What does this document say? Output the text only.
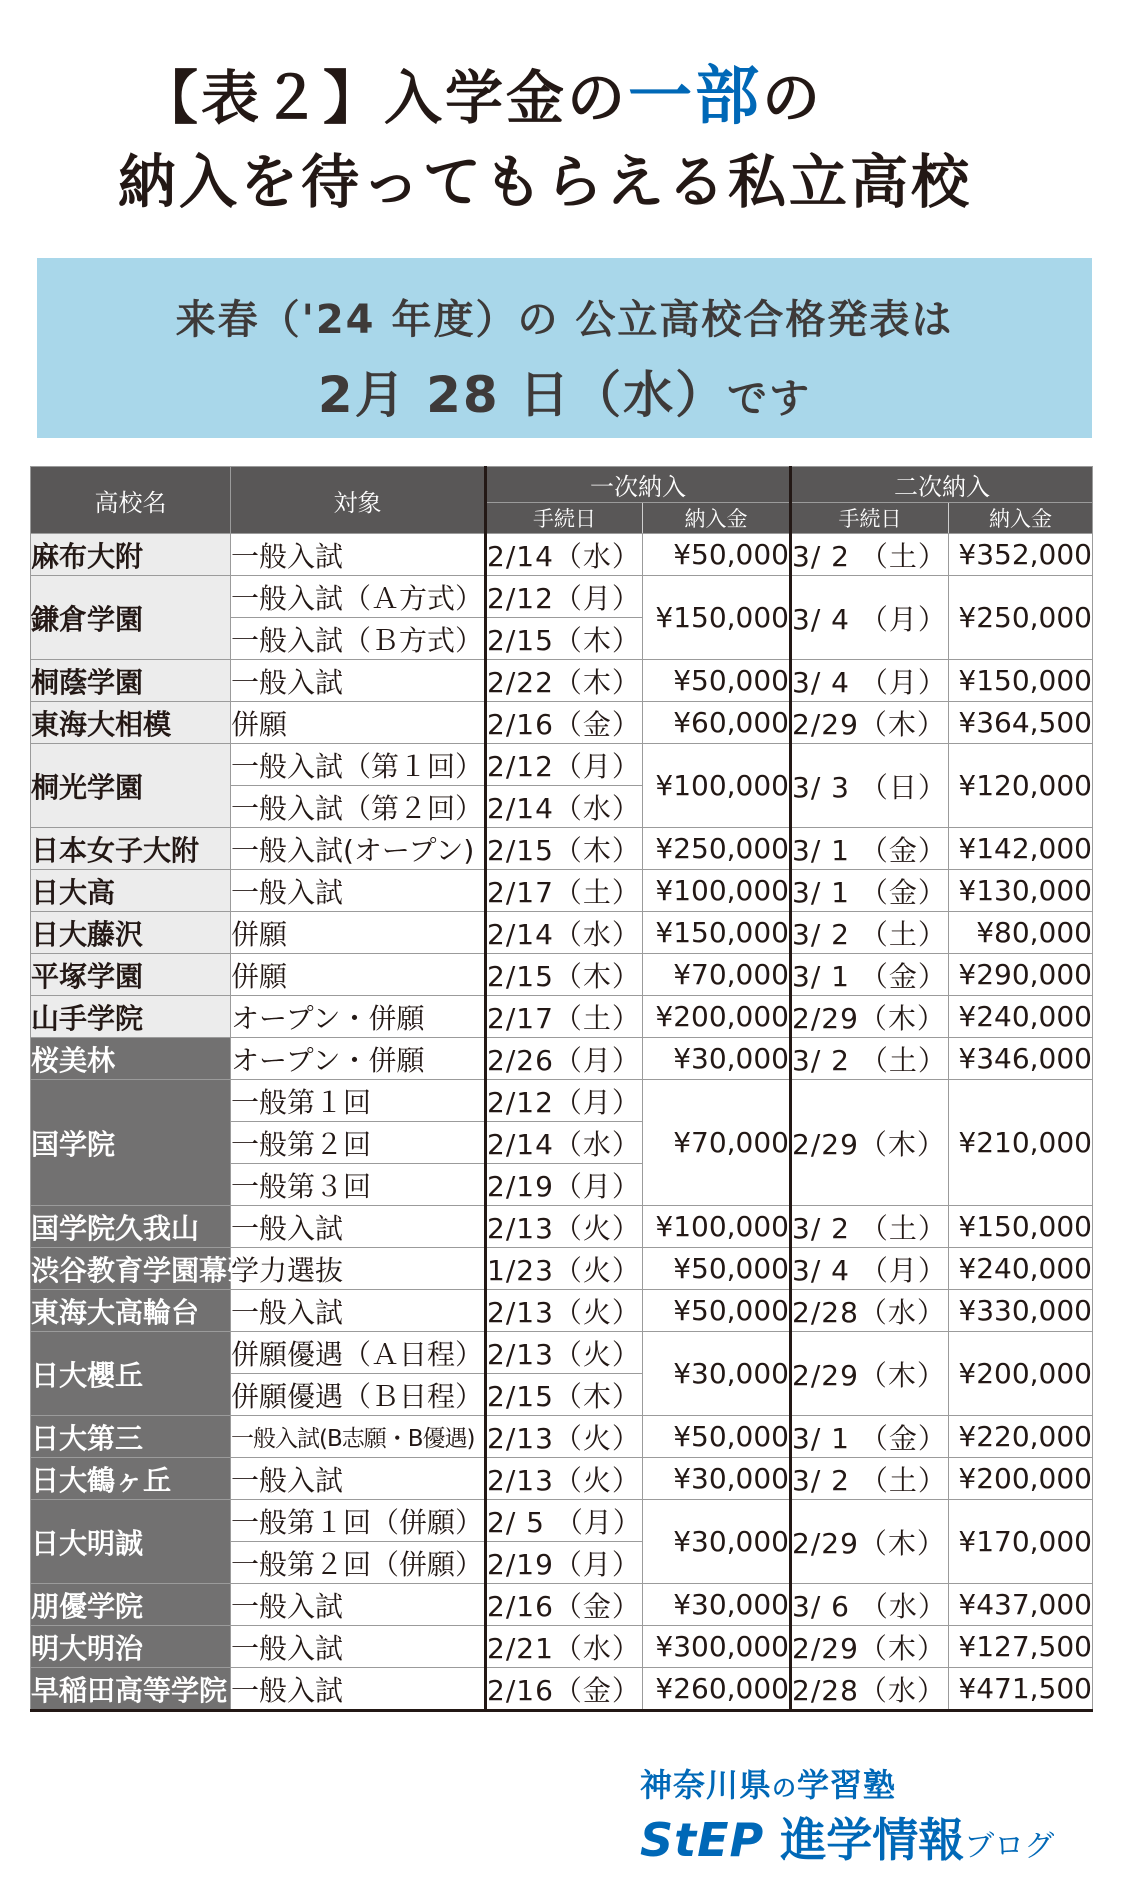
【表２】入学金の一部の
納入を待ってもらえる私立高校
来春（'24 年度）の 公立高校合格発表は
2月 28 日（水）です
高校名	対象	一次納入		二次納入	
		手続日	納入金	手続日	納入金
麻布大附	一般入試	2/14（水）	¥50,000	3/ 2 （土）	¥352,000
鎌倉学園	一般入試（Ａ方式）	2/12（月）	¥150,000	3/ 4 （月）	¥250,000
	一般入試（Ｂ方式）	2/15（木）			
桐蔭学園	一般入試	2/22（木）	¥50,000	3/ 4 （月）	¥150,000
東海大相模	併願	2/16（金）	¥60,000	2/29（木）	¥364,500
桐光学園	一般入試（第１回）	2/12（月）	¥100,000	3/ 3 （日）	¥120,000
	一般入試（第２回）	2/14（水）			
日本女子大附	一般入試(オープン)	2/15（木）	¥250,000	3/ 1 （金）	¥142,000
日大高	一般入試	2/17（土）	¥100,000	3/ 1 （金）	¥130,000
日大藤沢	併願	2/14（水）	¥150,000	3/ 2 （土）	¥80,000
平塚学園	併願	2/15（木）	¥70,000	3/ 1 （金）	¥290,000
山手学院	オープン・併願	2/17（土）	¥200,000	2/29（木）	¥240,000
桜美林	オープン・併願	2/26（月）	¥30,000	3/ 2 （土）	¥346,000
国学院	一般第１回	2/12（月）	¥70,000	2/29（木）	¥210,000
	一般第２回	2/14（水）			
	一般第３回	2/19（月）			
国学院久我山	一般入試	2/13（火）	¥100,000	3/ 2 （土）	¥150,000
渋谷教育学園幕張	学力選抜	1/23（火）	¥50,000	3/ 4 （月）	¥240,000
東海大高輪台	一般入試	2/13（火）	¥50,000	2/28（水）	¥330,000
日大櫻丘	併願優遇（Ａ日程）	2/13（火）	¥30,000	2/29（木）	¥200,000
	併願優遇（Ｂ日程）	2/15（木）			
日大第三	一般入試(B志願・B優遇)	2/13（火）	¥50,000	3/ 1 （金）	¥220,000
日大鶴ヶ丘	一般入試	2/13（火）	¥30,000	3/ 2 （土）	¥200,000
日大明誠	一般第１回（併願）	2/ 5 （月）	¥30,000	2/29（木）	¥170,000
	一般第２回（併願）	2/19（月）			
朋優学院	一般入試	2/16（金）	¥30,000	3/ 6 （水）	¥437,000
明大明治	一般入試	2/21（水）	¥300,000	2/29（木）	¥127,500
早稲田高等学院	一般入試	2/16（金）	¥260,000	2/28（水）	¥471,500
神奈川県の学習塾
StEP 進学情報ブログ
